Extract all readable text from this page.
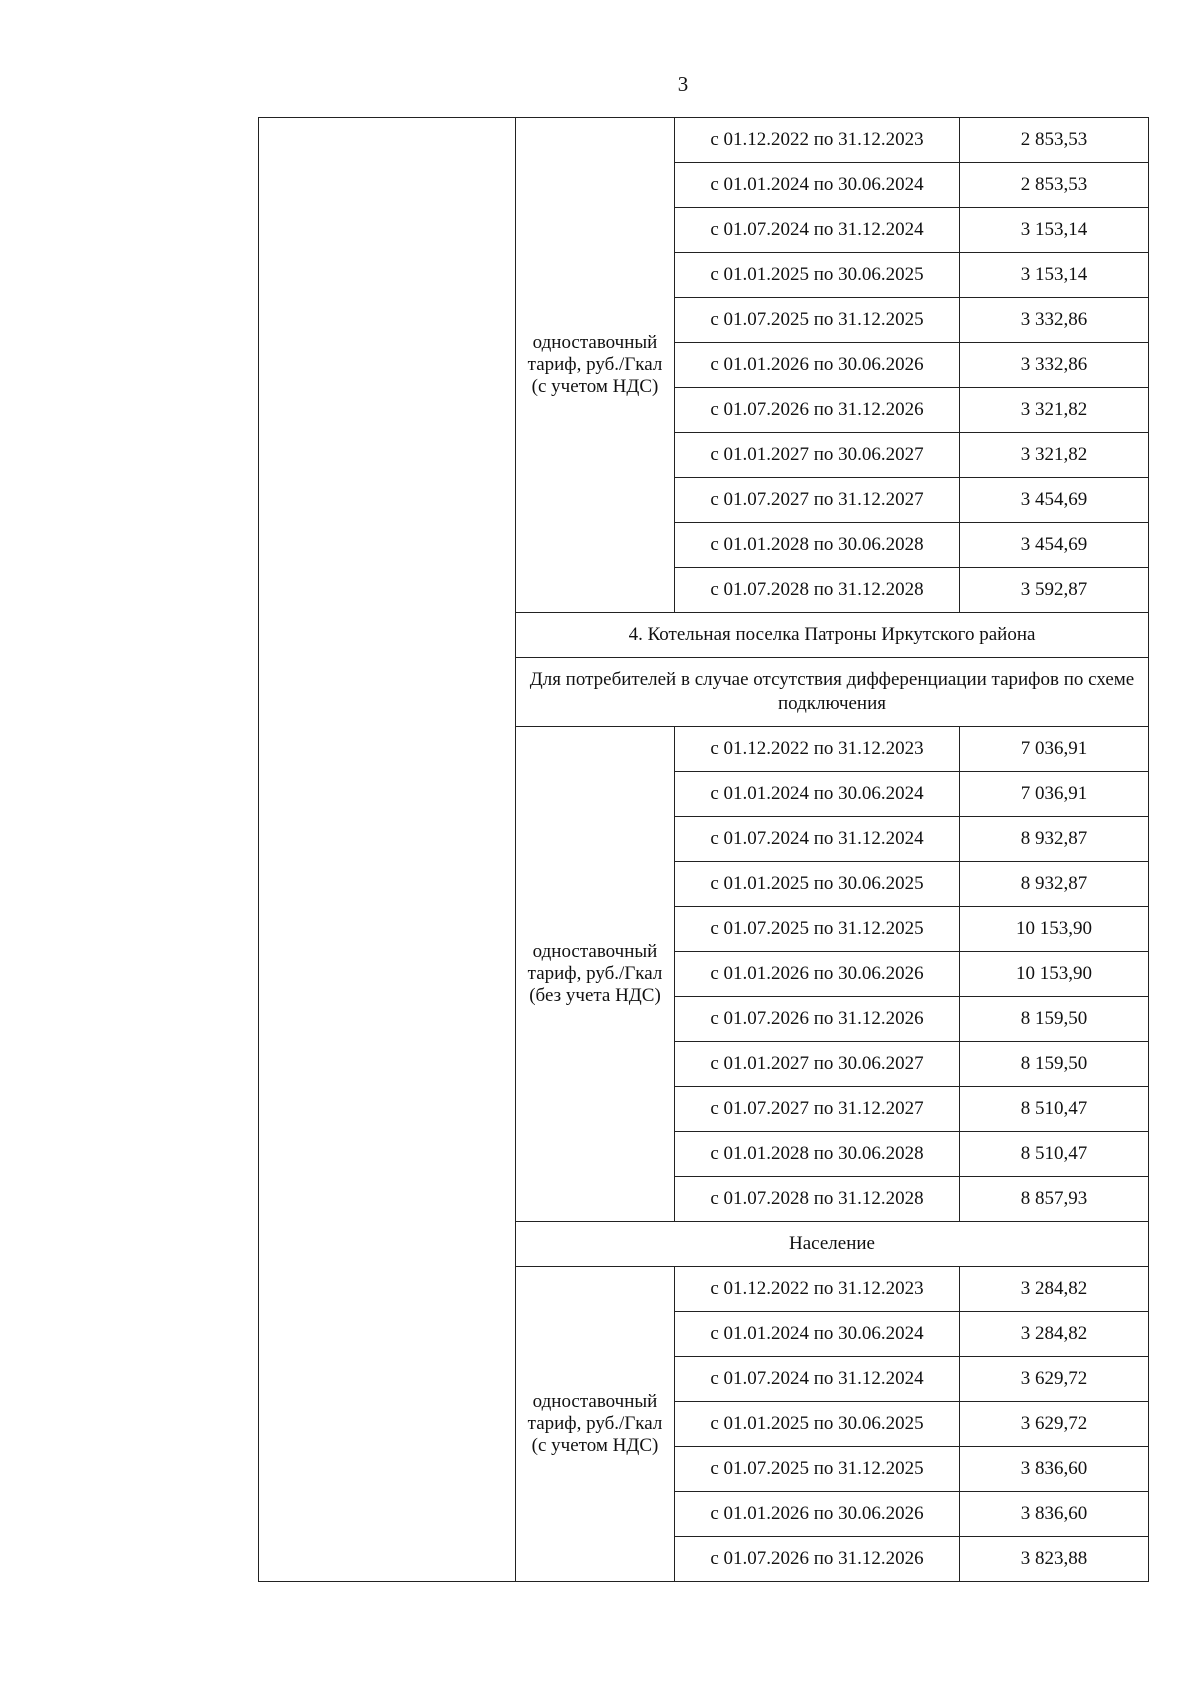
3

	одноставочный
тариф, руб./Гкал
(с учетом НДС)	с 01.12.2022 по 31.12.2023	2 853,53
		с 01.01.2024 по 30.06.2024	2 853,53
		с 01.07.2024 по 31.12.2024	3 153,14
		с 01.01.2025 по 30.06.2025	3 153,14
		с 01.07.2025 по 31.12.2025	3 332,86
		с 01.01.2026 по 30.06.2026	3 332,86
		с 01.07.2026 по 31.12.2026	3 321,82
		с 01.01.2027 по 30.06.2027	3 321,82
		с 01.07.2027 по 31.12.2027	3 454,69
		с 01.01.2028 по 30.06.2028	3 454,69
		с 01.07.2028 по 31.12.2028	3 592,87
	4. Котельная поселка Патроны Иркутского района		
	Для потребителей в случае отсутствия дифференциации тарифов по схеме подключения		

	одноставочный
тариф, руб./Гкал
(без учета НДС)	с 01.12.2022 по 31.12.2023	7 036,91
		с 01.01.2024 по 30.06.2024	7 036,91
		с 01.07.2024 по 31.12.2024	8 932,87
		с 01.01.2025 по 30.06.2025	8 932,87
		с 01.07.2025 по 31.12.2025	10 153,90
		с 01.01.2026 по 30.06.2026	10 153,90
		с 01.07.2026 по 31.12.2026	8 159,50
		с 01.01.2027 по 30.06.2027	8 159,50
		с 01.07.2027 по 31.12.2027	8 510,47
		с 01.01.2028 по 30.06.2028	8 510,47
		с 01.07.2028 по 31.12.2028	8 857,93
	Население		

	одноставочный
тариф, руб./Гкал
(с учетом НДС)	с 01.12.2022 по 31.12.2023	3 284,82
		с 01.01.2024 по 30.06.2024	3 284,82
		с 01.07.2024 по 31.12.2024	3 629,72
		с 01.01.2025 по 30.06.2025	3 629,72
		с 01.07.2025 по 31.12.2025	3 836,60
		с 01.01.2026 по 30.06.2026	3 836,60
		с 01.07.2026 по 31.12.2026	3 823,88
